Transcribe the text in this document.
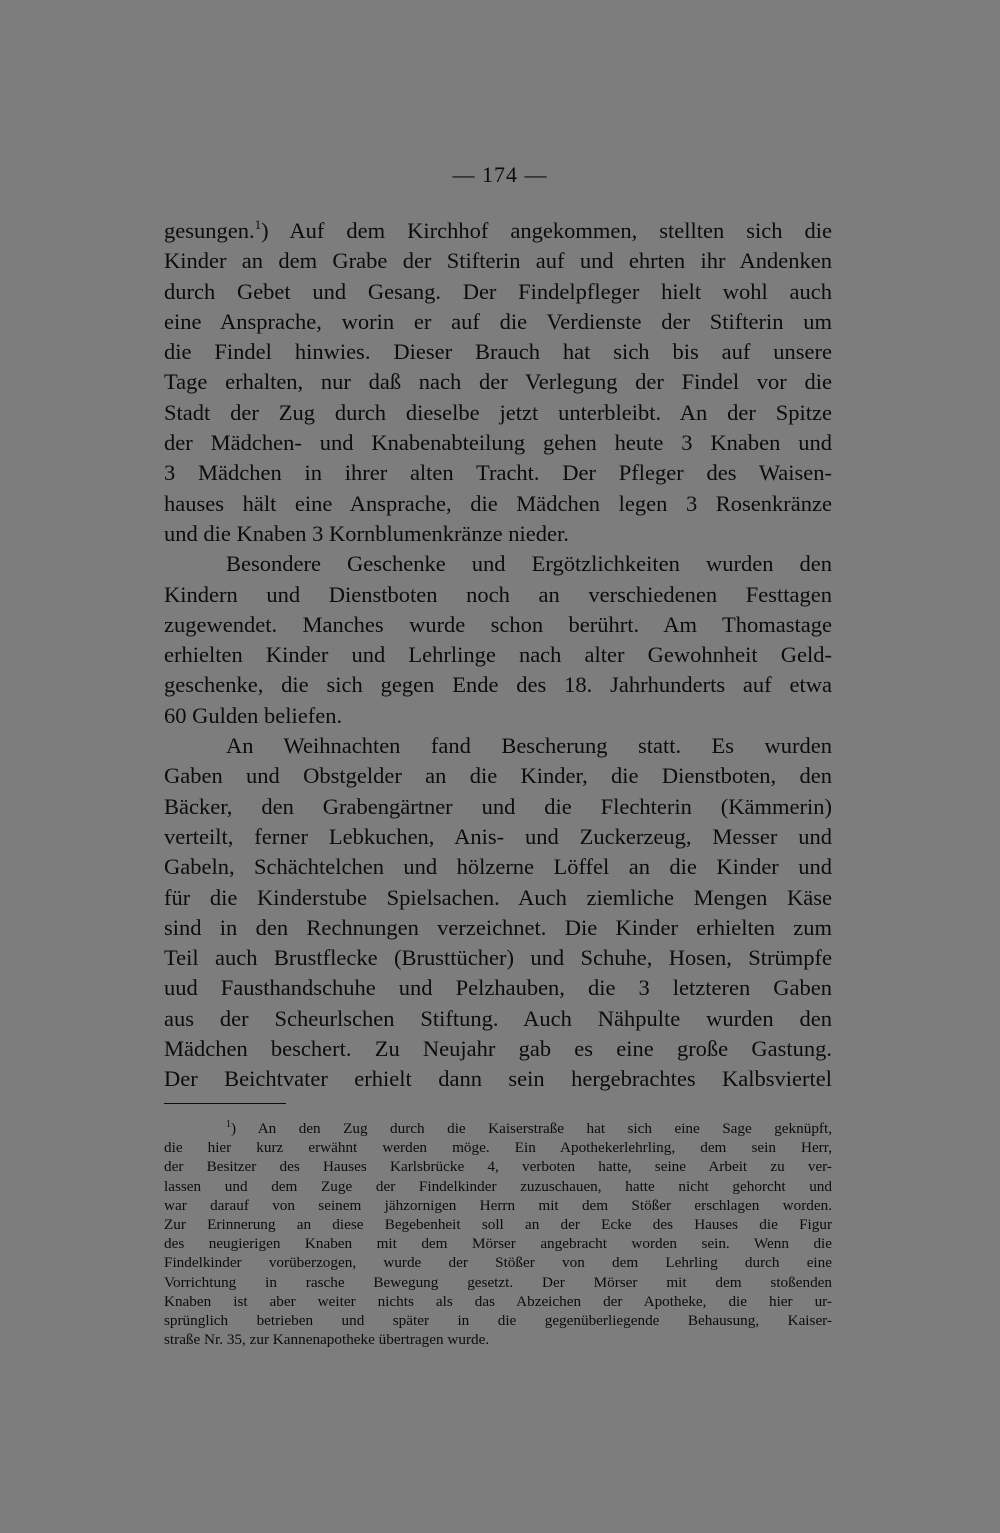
— 174 —
gesungen.$^1$) Auf dem Kirchhof angekommen, stellten sich die
Kinder an dem Grabe der Stifterin auf und ehrten ihr Andenken
durch Gebet und Gesang. Der Findelpfleger hielt wohl auch
eine Ansprache, worin er auf die Verdienste der Stifterin um
die Findel hinwies. Dieser Brauch hat sich bis auf unsere
Tage erhalten, nur daß nach der Verlegung der Findel vor die
Stadt der Zug durch dieselbe jetzt unterbleibt. An der Spitze
der Mädchen- und Knabenabteilung gehen heute 3 Knaben und
3 Mädchen in ihrer alten Tracht. Der Pfleger des Waisen-
hauses hält eine Ansprache, die Mädchen legen 3 Rosenkränze
und die Knaben 3 Kornblumenkränze nieder.
Besondere Geschenke und Ergötzlichkeiten wurden den
Kindern und Dienstboten noch an verschiedenen Festtagen
zugewendet. Manches wurde schon berührt. Am Thomastage
erhielten Kinder und Lehrlinge nach alter Gewohnheit Geld-
geschenke, die sich gegen Ende des 18. Jahrhunderts auf etwa
60 Gulden beliefen.
An Weihnachten fand Bescherung statt. Es wurden
Gaben und Obstgelder an die Kinder, die Dienstboten, den
Bäcker, den Grabengärtner und die Flechterin (Kämmerin)
verteilt, ferner Lebkuchen, Anis- und Zuckerzeug, Messer und
Gabeln, Schächtelchen und hölzerne Löffel an die Kinder und
für die Kinderstube Spielsachen. Auch ziemliche Mengen Käse
sind in den Rechnungen verzeichnet. Die Kinder erhielten zum
Teil auch Brustflecke (Brusttücher) und Schuhe, Hosen, Strümpfe
uud Fausthandschuhe und Pelzhauben, die 3 letzteren Gaben
aus der Scheurlschen Stiftung. Auch Nähpulte wurden den
Mädchen beschert. Zu Neujahr gab es eine große Gastung.
Der Beichtvater erhielt dann sein hergebrachtes Kalbsviertel
$^1$) An den Zug durch die Kaiserstraße hat sich eine Sage geknüpft,
die hier kurz erwähnt werden möge. Ein Apothekerlehrling, dem sein Herr,
der Besitzer des Hauses Karlsbrücke 4, verboten hatte, seine Arbeit zu ver-
lassen und dem Zuge der Findelkinder zuzuschauen, hatte nicht gehorcht und
war darauf von seinem jähzornigen Herrn mit dem Stößer erschlagen worden.
Zur Erinnerung an diese Begebenheit soll an der Ecke des Hauses die Figur
des neugierigen Knaben mit dem Mörser angebracht worden sein. Wenn die
Findelkinder vorüberzogen, wurde der Stößer von dem Lehrling durch eine
Vorrichtung in rasche Bewegung gesetzt. Der Mörser mit dem stoßenden
Knaben ist aber weiter nichts als das Abzeichen der Apotheke, die hier ur-
sprünglich betrieben und später in die gegenüberliegende Behausung, Kaiser-
straße Nr. 35, zur Kannenapotheke übertragen wurde.
